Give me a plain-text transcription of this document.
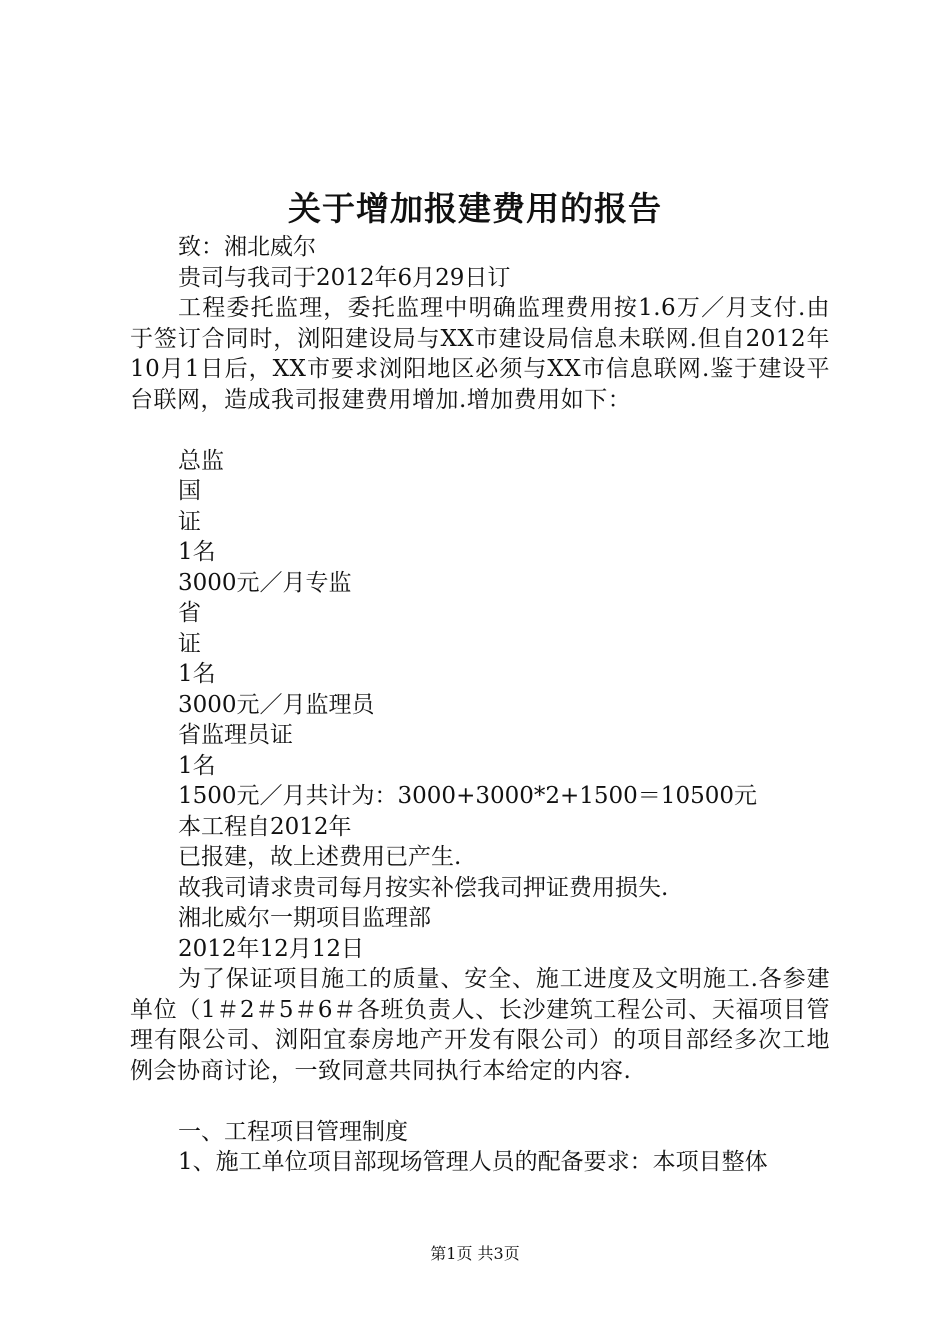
关于增加报建费用的报告
致：湘北威尔
贵司与我司于2012年6月29日订

工程委托监理，委托监理中明确监理费用按1.6万／月支付.由于签订合同时，浏阳建设局与XX市建设局信息未联网.但自2012年10月1日后，XX市要求浏阳地区必须与XX市信息联网.鉴于建设平台联网，造成我司报建费用增加.增加费用如下：

总监
国
证
1名
3000元／月专监
省
证
1名
3000元／月监理员
省监理员证
1名
1500元／月共计为：3000+3000*2+1500＝10500元
本工程自2012年
已报建，故上述费用已产生.
故我司请求贵司每月按实补偿我司押证费用损失.
湘北威尔一期项目监理部
2012年12月12日

为了保证项目施工的质量、安全、施工进度及文明施工.各参建单位（1＃2＃5＃6＃各班负责人、长沙建筑工程公司、天福项目管理有限公司、浏阳宜泰房地产开发有限公司）的项目部经多次工地例会协商讨论，一致同意共同执行本给定的内容.

一、工程项目管理制度
1、施工单位项目部现场管理人员的配备要求：本项目整体
第1页 共3页
